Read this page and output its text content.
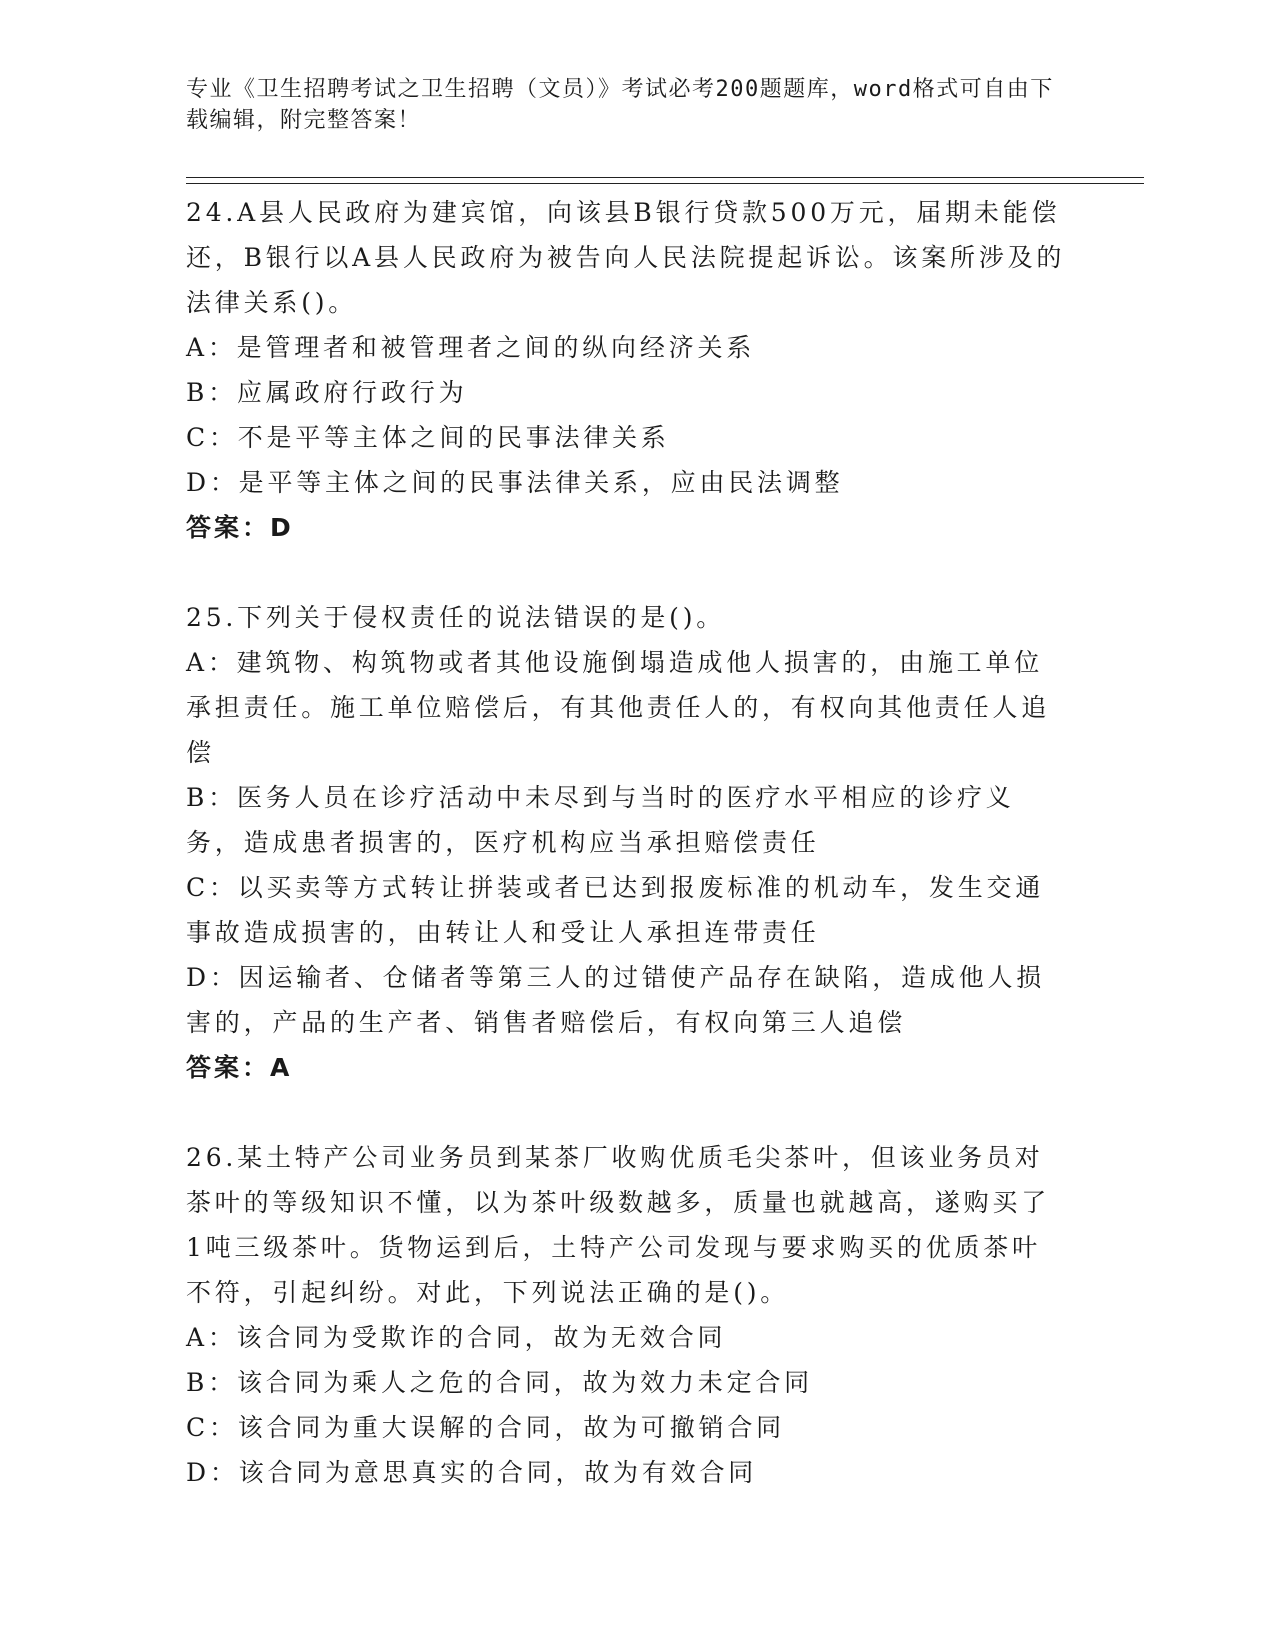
专业《卫生招聘考试之卫生招聘（文员）》考试必考200题题库，word格式可自由下载编辑，附完整答案！

24.A县人民政府为建宾馆，向该县B银行贷款500万元，届期未能偿还，B银行以A县人民政府为被告向人民法院提起诉讼。该案所涉及的法律关系()。

A：是管理者和被管理者之间的纵向经济关系

B：应属政府行政行为

C：不是平等主体之间的民事法律关系

D：是平等主体之间的民事法律关系，应由民法调整

答案：D

25.下列关于侵权责任的说法错误的是()。

A：建筑物、构筑物或者其他设施倒塌造成他人损害的，由施工单位承担责任。施工单位赔偿后，有其他责任人的，有权向其他责任人追偿

B：医务人员在诊疗活动中未尽到与当时的医疗水平相应的诊疗义务，造成患者损害的，医疗机构应当承担赔偿责任

C：以买卖等方式转让拼装或者已达到报废标准的机动车，发生交通事故造成损害的，由转让人和受让人承担连带责任

D：因运输者、仓储者等第三人的过错使产品存在缺陷，造成他人损害的，产品的生产者、销售者赔偿后，有权向第三人追偿

答案：A

26.某土特产公司业务员到某茶厂收购优质毛尖茶叶，但该业务员对茶叶的等级知识不懂，以为茶叶级数越多，质量也就越高，遂购买了1吨三级茶叶。货物运到后，土特产公司发现与要求购买的优质茶叶不符，引起纠纷。对此，下列说法正确的是()。

A：该合同为受欺诈的合同，故为无效合同

B：该合同为乘人之危的合同，故为效力未定合同

C：该合同为重大误解的合同，故为可撤销合同

D：该合同为意思真实的合同，故为有效合同
